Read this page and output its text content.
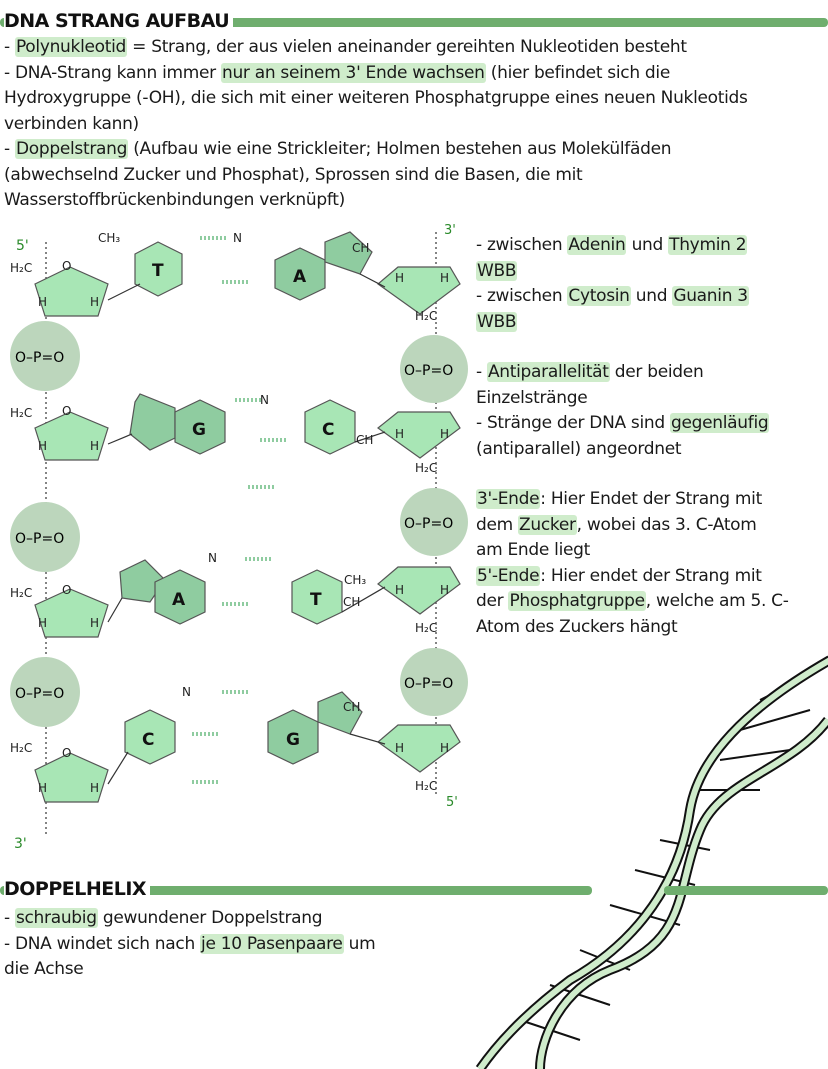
DNA STRANG AUFBAU
- Polynukleotid = Strang, der aus vielen aneinander gereihten Nukleotiden besteht
- DNA-Strang kann immer nur an seinem 3' Ende wachsen (hier befindet sich die
Hydroxygruppe (-OH), die sich mit einer weiteren Phosphatgruppe eines neuen Nukleotids
verbinden kann)
- Doppelstrang (Aufbau wie eine Strickleiter; Holmen bestehen aus Molekülfäden
(abwechselnd Zucker und Phosphat), Sprossen sind die Basen, die mit
Wasserstoffbrückenbindungen verknüpft)
5'
3'
3'
5'
O–P=O
O–P=O
O–P=O
O–P=O
O–P=O
O–P=O
T	A
G	C
A	T
C	G
CH₃
CH₃
H₂C
H₂C
H₂C
H₂C
H₂C
H₂C
H₂C
H₂C
O
O
O
O
H	H
H	H
H	H
H	H
H	H
H	H
H	H
H	H
N
N
N
N
CH
CH
CH
CH
- zwischen Adenin und Thymin 2
WBB
- zwischen Cytosin und Guanin 3
WBB
- Antiparallelität der beiden
Einzelstränge
- Stränge der DNA sind gegenläufig
(antiparallel) angeordnet
3'-Ende: Hier Endet der Strang mit
dem Zucker, wobei das 3. C-Atom
am Ende liegt
5'-Ende: Hier endet der Strang mit
der Phosphatgruppe, welche am 5. C-
Atom des Zuckers hängt
DOPPELHELIX
- schraubig gewundener Doppelstrang
- DNA windet sich nach je 10 Pasenpaare um
die Achse
